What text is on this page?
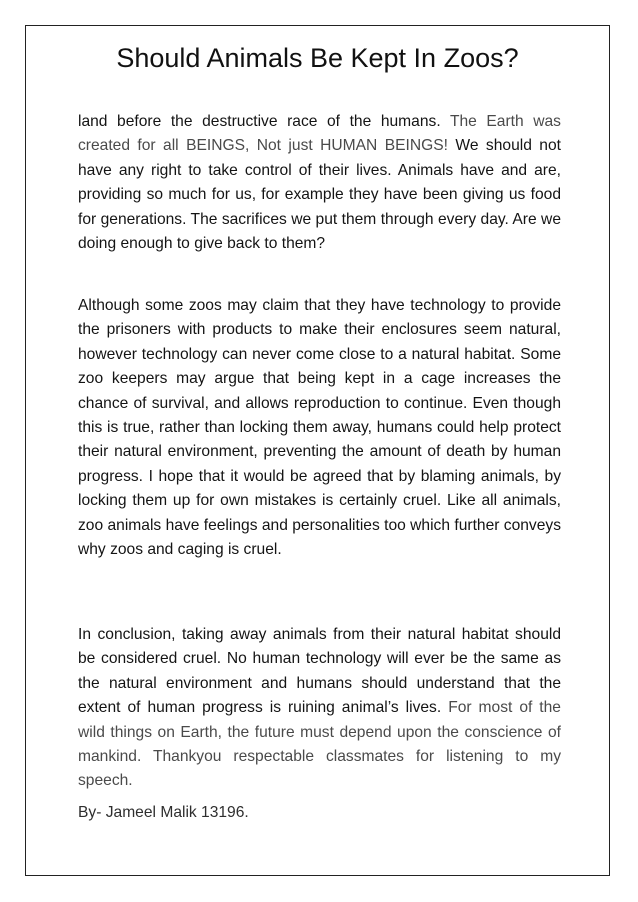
Should Animals Be Kept In Zoos?

land before the destructive race of the humans. The Earth was created for all BEINGS, Not just HUMAN BEINGS! We should not have any right to take control of their lives. Animals have and are, providing so much for us, for example they have been giving us food for generations. The sacrifices we put them through every day. Are we doing enough to give back to them?

Although some zoos may claim that they have technology to provide the prisoners with products to make their enclosures seem natural, however technology can never come close to a natural habitat. Some zoo keepers may argue that being kept in a cage increases the chance of survival, and allows reproduction to continue. Even though this is true, rather than locking them away, humans could help protect their natural environment, preventing the amount of death by human progress. I hope that it would be agreed that by blaming animals, by locking them up for own mistakes is certainly cruel. Like all animals, zoo animals have feelings and personalities too which further conveys why zoos and caging is cruel.

In conclusion, taking away animals from their natural habitat should be considered cruel. No human technology will ever be the same as the natural environment and humans should understand that the extent of human progress is ruining animal’s lives. For most of the wild things on Earth, the future must depend upon the conscience of mankind. Thankyou respectable classmates for listening to my speech.

By- Jameel Malik 13196.
